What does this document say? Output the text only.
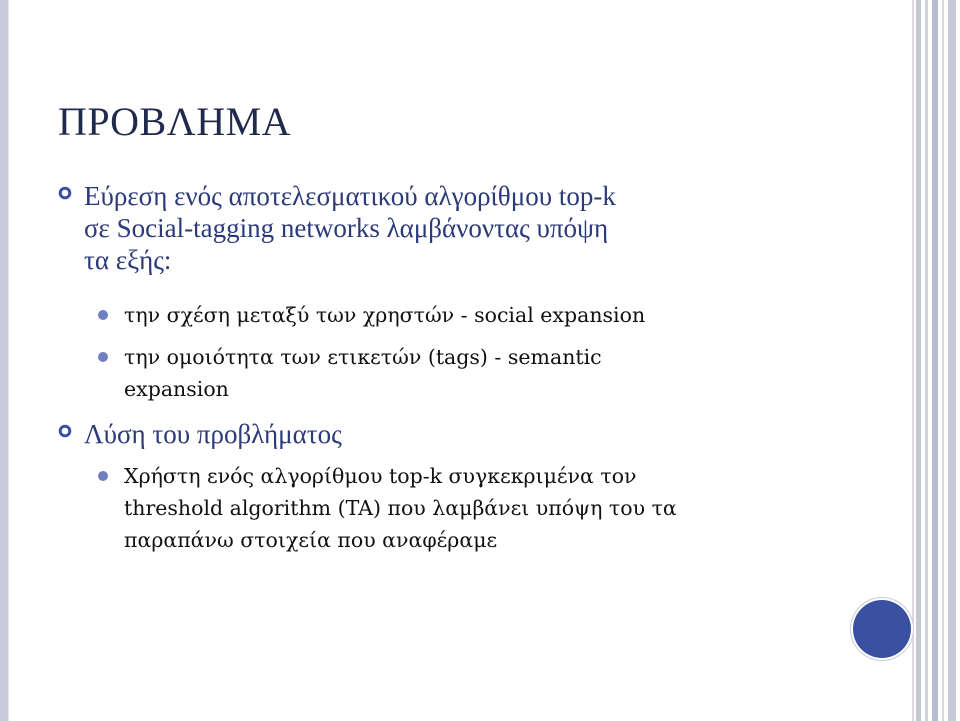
ΠΡΟΒΛΗΜΑ
Εύρεση ενός αποτελεσματικού αλγορίθμου top-k
σε Social-tagging networks λαμβάνοντας υπόψη
τα εξής:
την σχέση μεταξύ των χρηστών - social expansion
την ομοιότητα των ετικετών (tags) - semantic
expansion
Λύση του προβλήματος
Χρήστη ενός αλγορίθμου top-k συγκεκριμένα τον
threshold algorithm (TA) που λαμβάνει υπόψη του τα
παραπάνω στοιχεία που αναφέραμε
